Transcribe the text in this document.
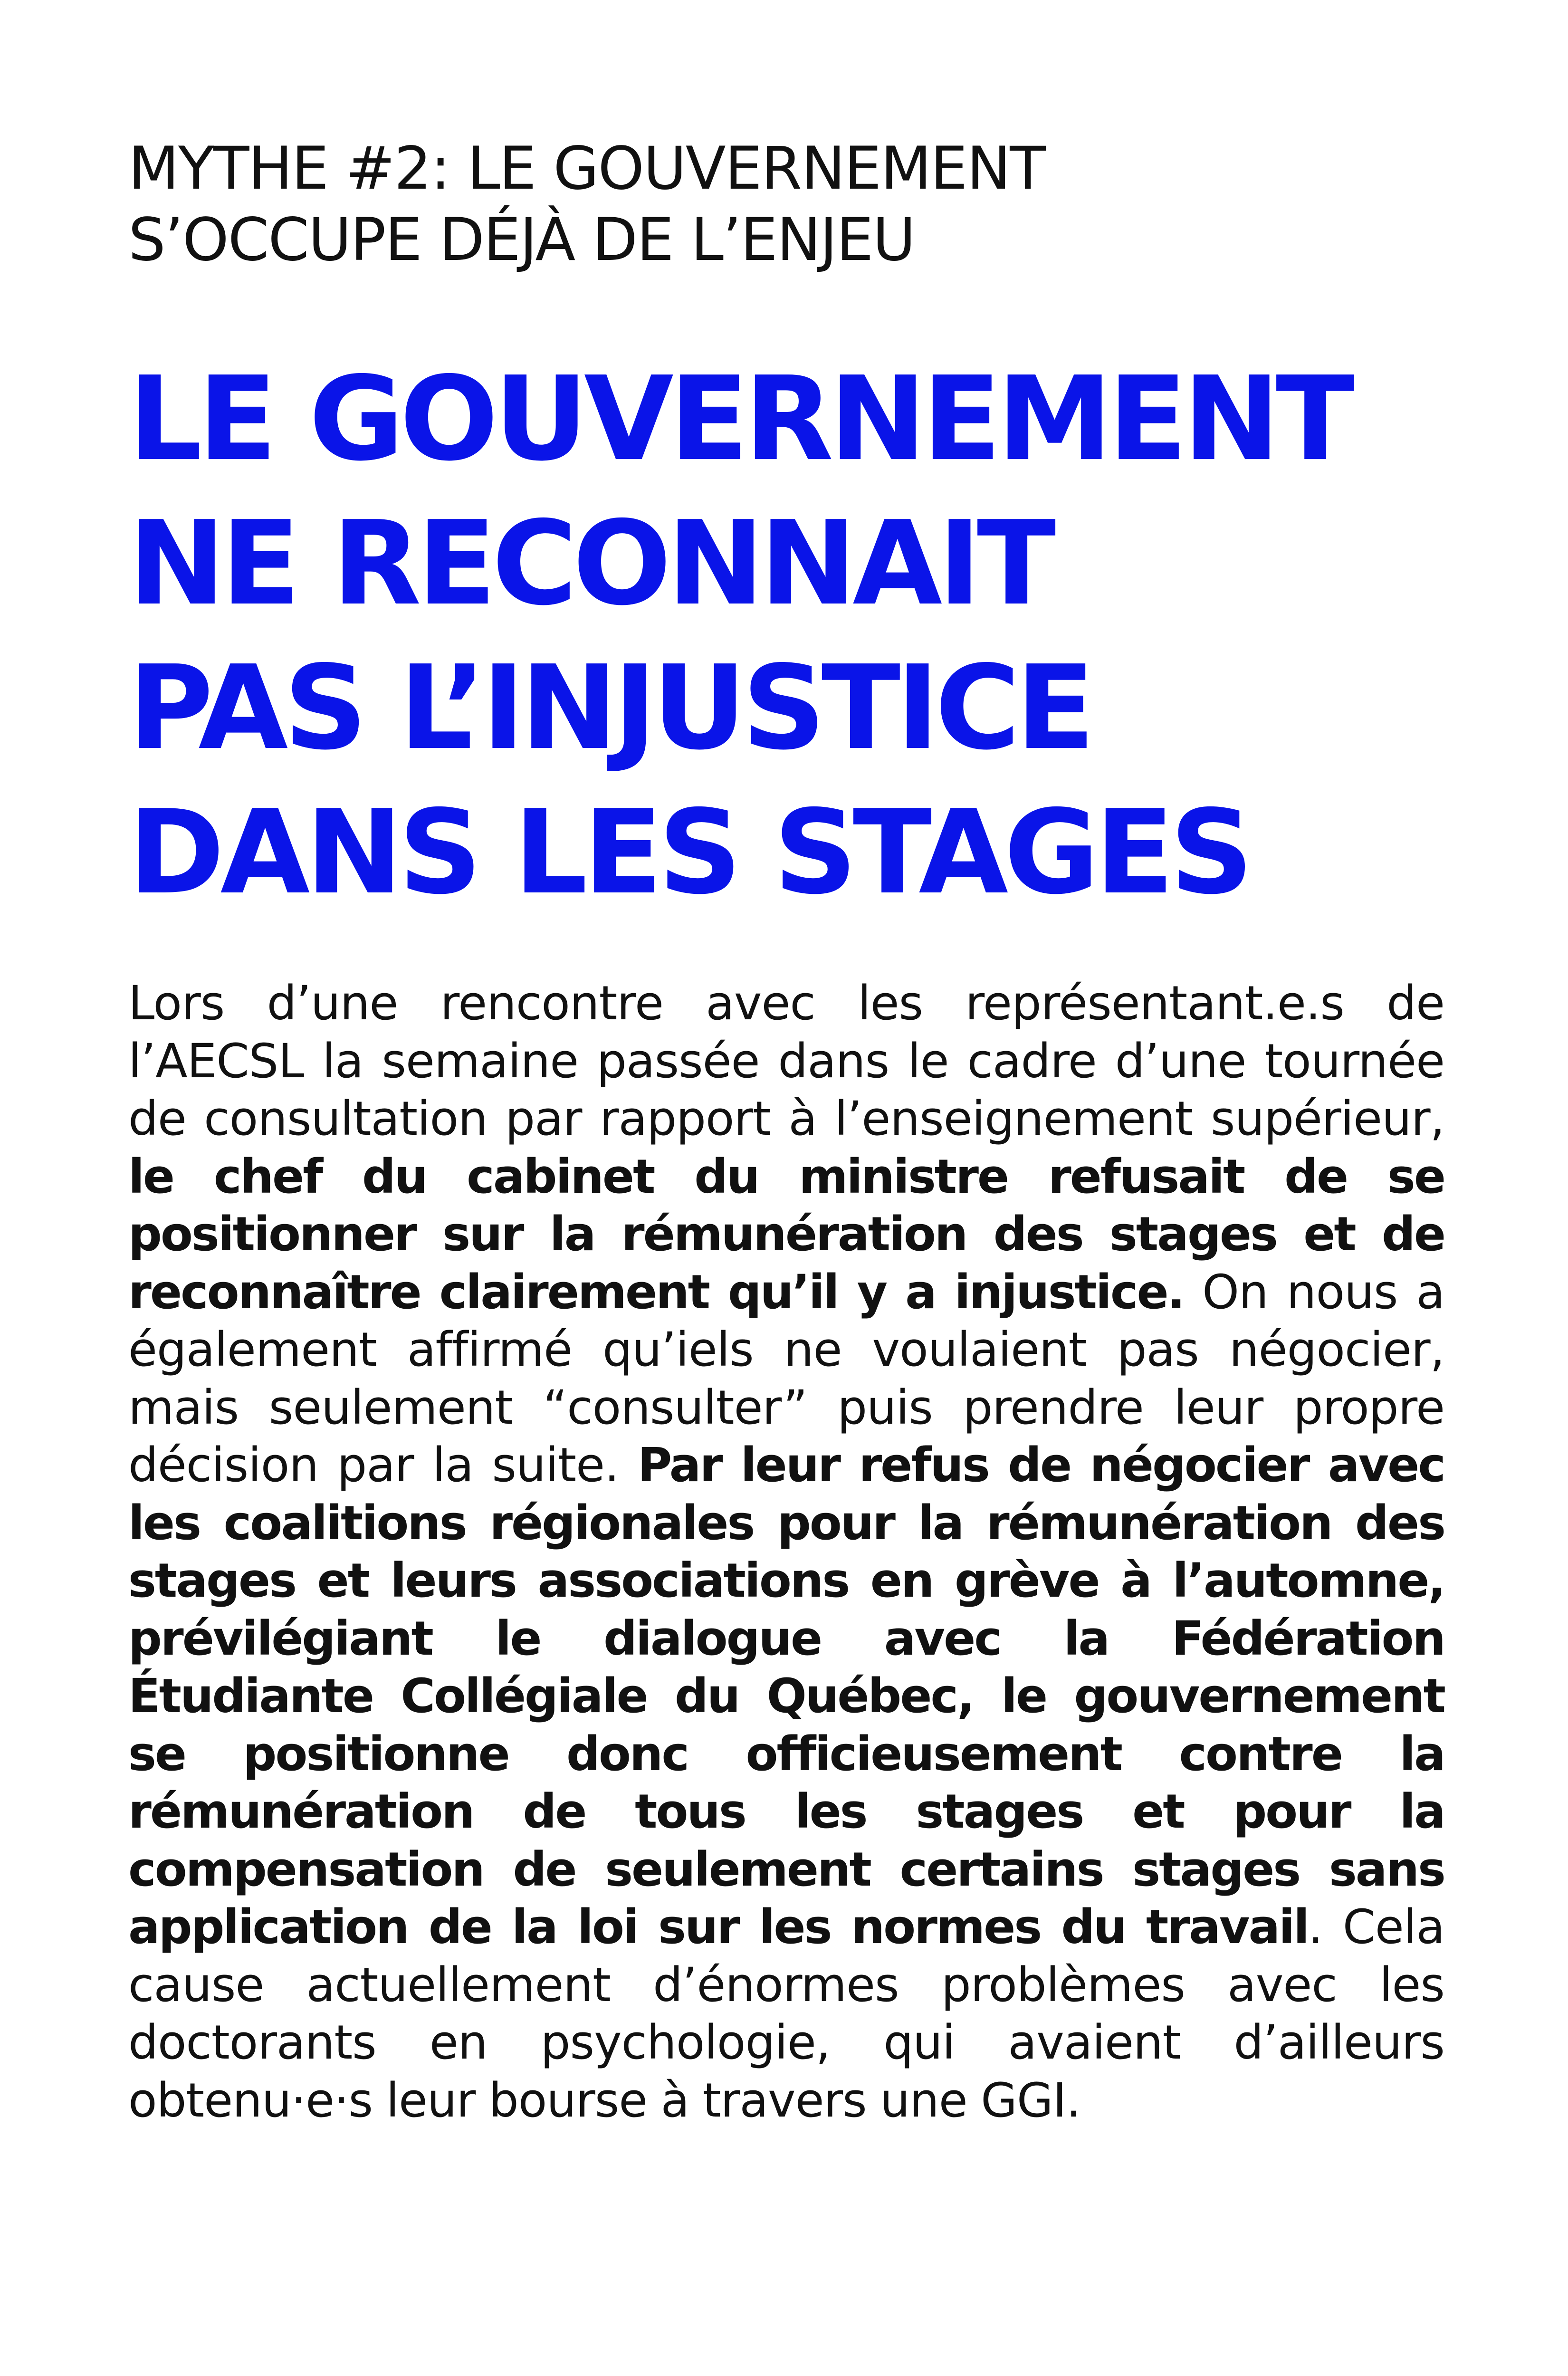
MYTHE #2: LE GOUVERNEMENT
S’OCCUPE DÉJÀ DE L’ENJEU
LE GOUVERNEMENT
NE RECONNAIT
PAS L’INJUSTICE
DANS LES STAGES

Lors d’une rencontre avec les représentant.e.s de l’AECSL la semaine passée dans le cadre d’une tournée de consultation par rapport à l’enseignement supérieur, le chef du cabinet du ministre refusait de se positionner sur la rémunération des stages et de reconnaître clairement qu’il y a injustice. On nous a également affirmé qu’iels ne voulaient pas négocier, mais seulement “consulter” puis prendre leur propre décision par la suite. Par leur refus de négocier avec les coalitions régionales pour la rémunération des stages et leurs associations en grève à l’automne, prévilégiant le dialogue avec la Fédération Étudiante Collégiale du Québec, le gouvernement se positionne donc officieusement contre la rémunération de tous les stages et pour la compensation de seulement certains stages sans application de la loi sur les normes du travail. Cela cause actuellement d’énormes problèmes avec les doctorants en psychologie, qui avaient d’ailleurs obtenu·e·s leur bourse à travers une GGI.
